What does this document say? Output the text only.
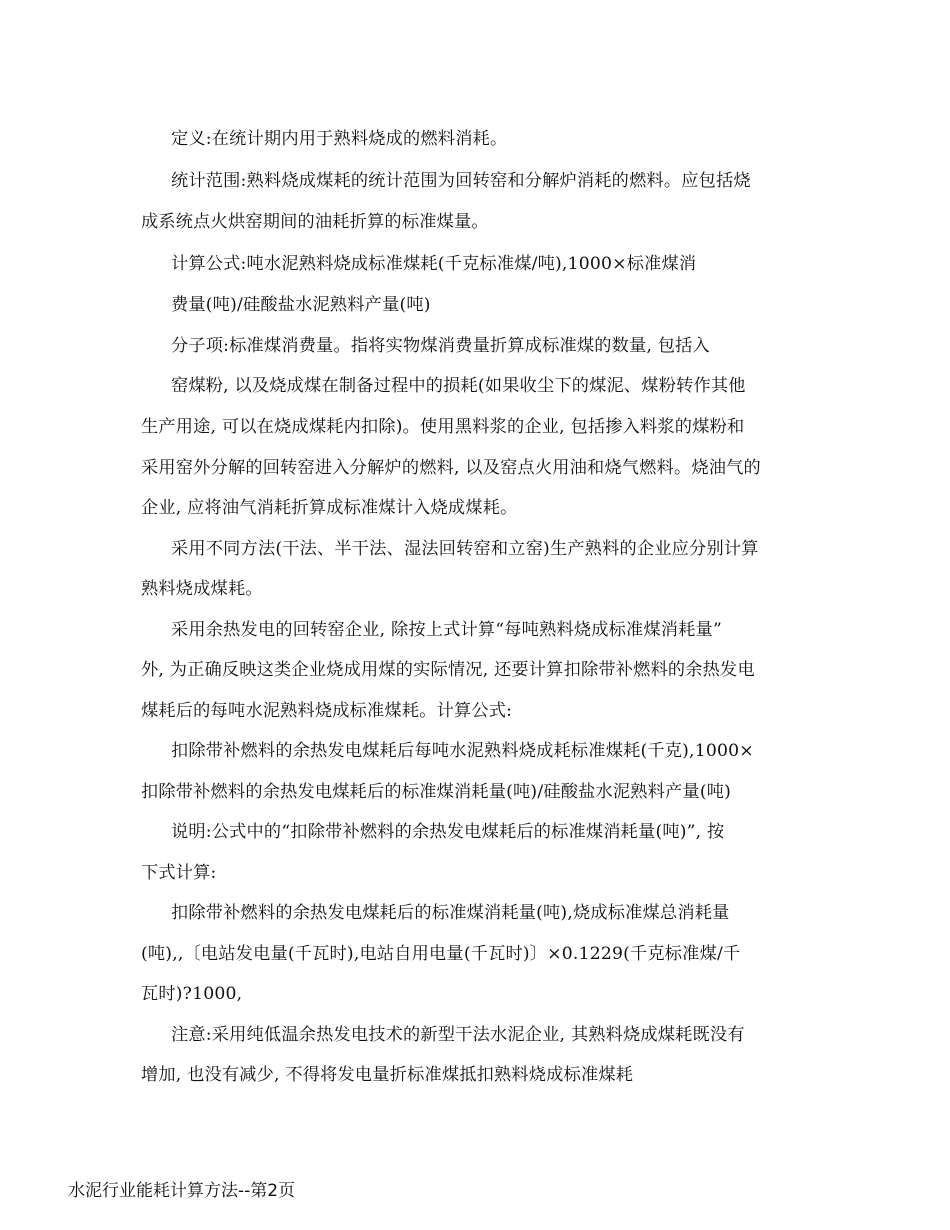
定义:在统计期内用于熟料烧成的燃料消耗。
统计范围:熟料烧成煤耗的统计范围为回转窑和分解炉消耗的燃料。应包括烧
成系统点火烘窑期间的油耗折算的标准煤量。
计算公式:吨水泥熟料烧成标准煤耗(千克标准煤/吨),1000×标准煤消
费量(吨)/硅酸盐水泥熟料产量(吨)
分子项:标准煤消费量。指将实物煤消费量折算成标准煤的数量, 包括入
窑煤粉, 以及烧成煤在制备过程中的损耗(如果收尘下的煤泥、煤粉转作其他
生产用途, 可以在烧成煤耗内扣除)。使用黑料浆的企业, 包括掺入料浆的煤粉和
采用窑外分解的回转窑进入分解炉的燃料, 以及窑点火用油和烧气燃料。烧油气的
企业, 应将油气消耗折算成标准煤计入烧成煤耗。
采用不同方法(干法、半干法、湿法回转窑和立窑)生产熟料的企业应分别计算
熟料烧成煤耗。
采用余热发电的回转窑企业, 除按上式计算“每吨熟料烧成标准煤消耗量”
外, 为正确反映这类企业烧成用煤的实际情况, 还要计算扣除带补燃料的余热发电
煤耗后的每吨水泥熟料烧成标准煤耗。计算公式:
扣除带补燃料的余热发电煤耗后每吨水泥熟料烧成耗标准煤耗(千克),1000×
扣除带补燃料的余热发电煤耗后的标准煤消耗量(吨)/硅酸盐水泥熟料产量(吨)
说明:公式中的“扣除带补燃料的余热发电煤耗后的标准煤消耗量(吨)”, 按
下式计算:
扣除带补燃料的余热发电煤耗后的标准煤消耗量(吨),烧成标准煤总消耗量
(吨),,〔电站发电量(千瓦时),电站自用电量(千瓦时)〕×0.1229(千克标准煤/千
瓦时)?1000,
注意:采用纯低温余热发电技术的新型干法水泥企业, 其熟料烧成煤耗既没有
增加, 也没有减少, 不得将发电量折标准煤抵扣熟料烧成标准煤耗
水泥行业能耗计算方法--第2页
